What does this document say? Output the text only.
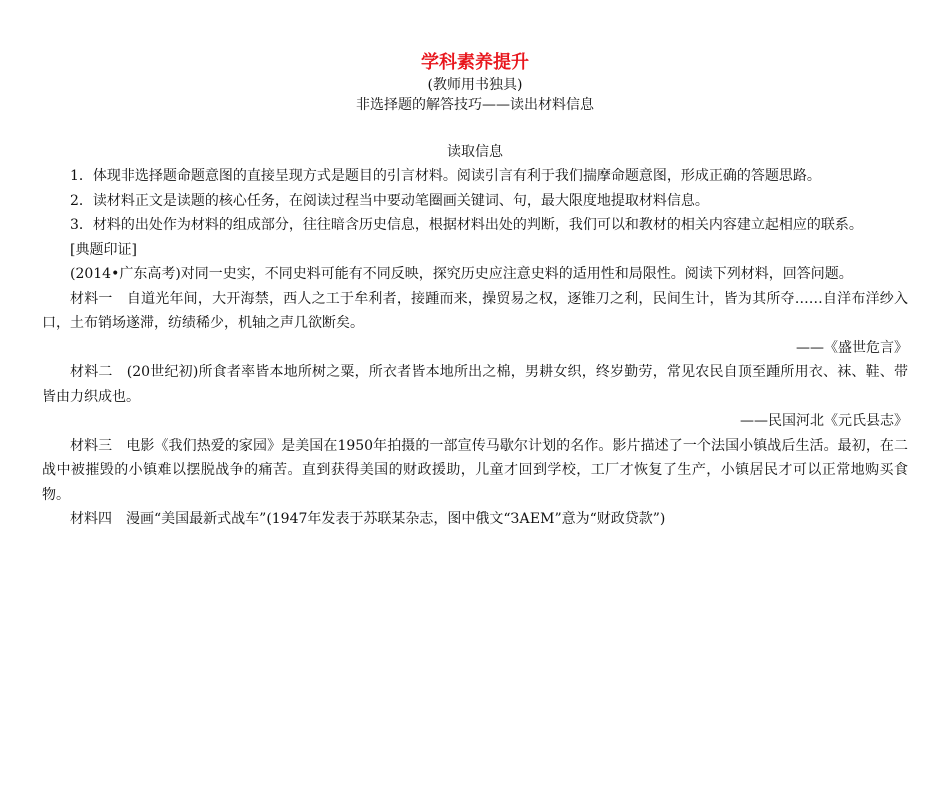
学科素养提升
(教师用书独具)
非选择题的解答技巧——读出材料信息
读取信息

1．体现非选择题命题意图的直接呈现方式是题目的引言材料。阅读引言有利于我们揣摩命题意图，形成正确的答题思路。

2．读材料正文是读题的核心任务，在阅读过程当中要动笔圈画关键词、句，最大限度地提取材料信息。

3．材料的出处作为材料的组成部分，往往暗含历史信息，根据材料出处的判断，我们可以和教材的相关内容建立起相应的联系。

[典题印证]

(2014•广东高考)对同一史实，不同史料可能有不同反映，探究历史应注意史料的适用性和局限性。阅读下列材料，回答问题。

材料一　自道光年间，大开海禁，西人之工于牟利者，接踵而来，操贸易之权，逐锥刀之利，民间生计，皆为其所夺……自洋布洋纱入口，土布销场遂滞，纺绩稀少，机轴之声几欲断矣。

——《盛世危言》

材料二　(20世纪初)所食者率皆本地所树之粟，所衣者皆本地所出之棉，男耕女织，终岁勤劳，常见农民自顶至踵所用衣、袜、鞋、带皆由力织成也。

——民国河北《元氏县志》

材料三　电影《我们热爱的家园》是美国在1950年拍摄的一部宣传马歇尔计划的名作。影片描述了一个法国小镇战后生活。最初，在二战中被摧毁的小镇难以摆脱战争的痛苦。直到获得美国的财政援助，儿童才回到学校，工厂才恢复了生产，小镇居民才可以正常地购买食物。

材料四　漫画“美国最新式战车”(1947年发表于苏联某杂志，图中俄文“ЗАЕМ”意为“财政贷款”)
